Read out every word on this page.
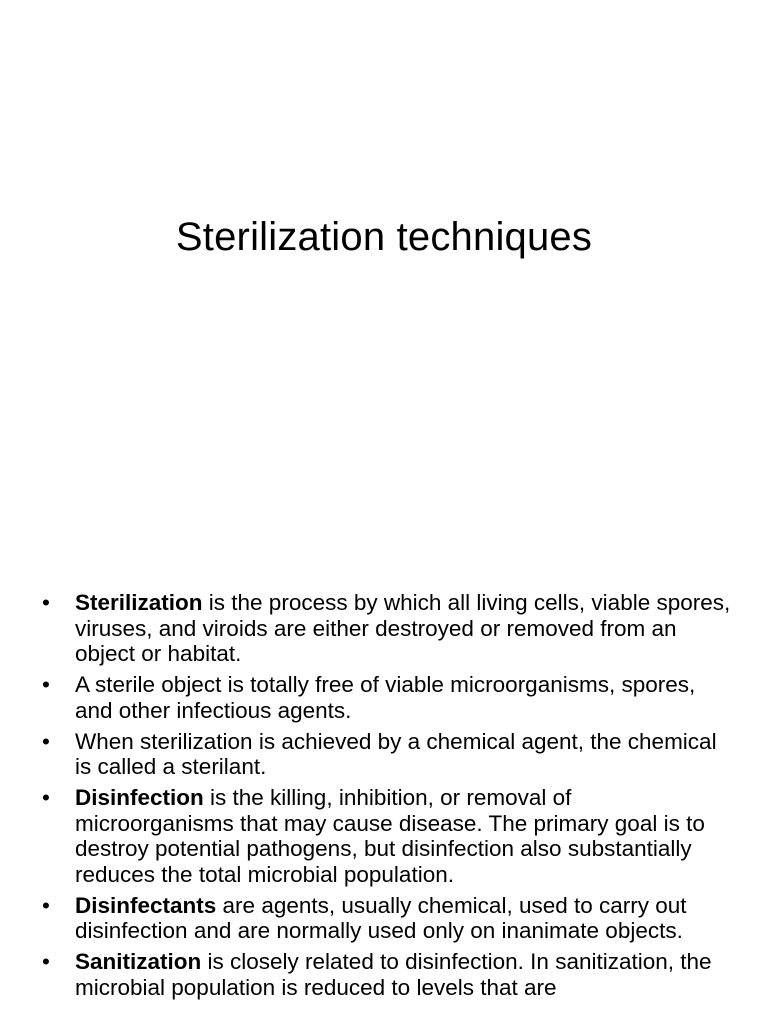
Sterilization techniques
•	Sterilization is the process by which all living cells, viable spores, viruses, and viroids are either destroyed or removed from an object or habitat.
•	A sterile object is totally free of viable microorganisms, spores, and other infectious agents.
•	When sterilization is achieved by a chemical agent, the chemical is called a sterilant.
•	Disinfection is the killing, inhibition, or removal of microorganisms that may cause disease. The primary goal is to destroy potential pathogens, but disinfection also substantially reduces the total microbial population.
•	Disinfectants are agents, usually chemical, used to carry out disinfection and are normally used only on inanimate objects.
•	Sanitization is closely related to disinfection. In sanitization, the microbial population is reduced to levels that are
